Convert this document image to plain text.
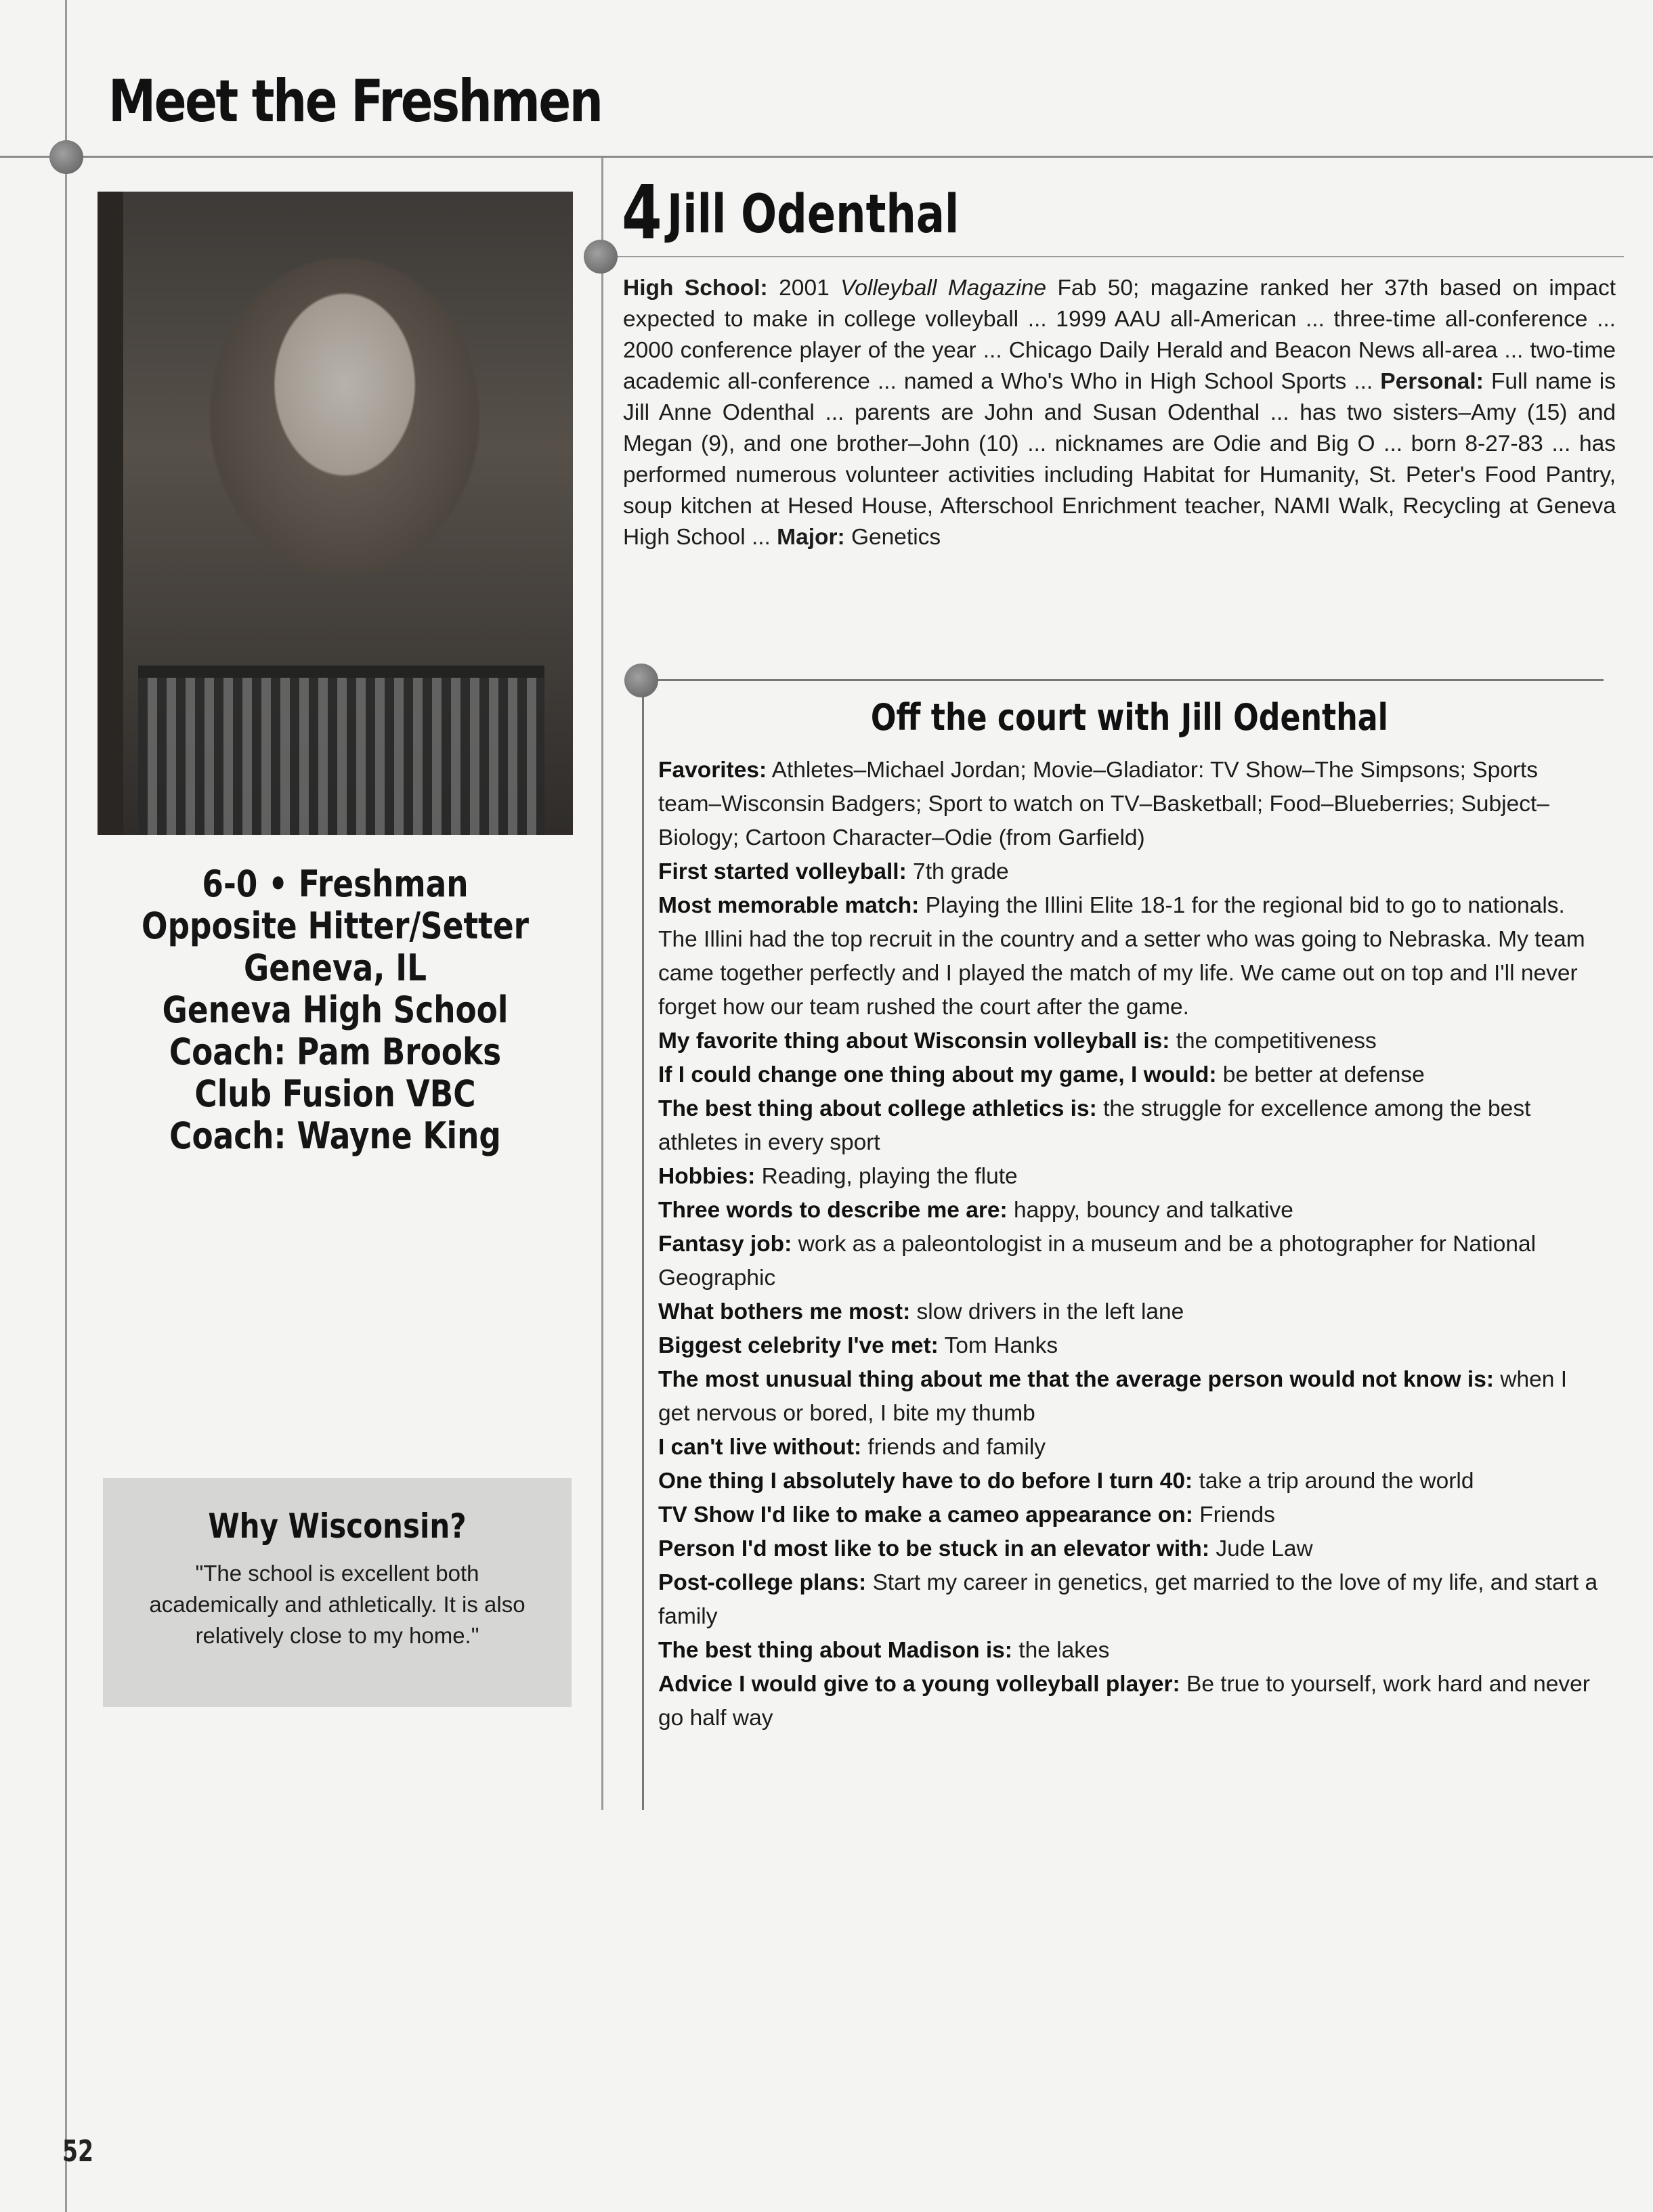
Meet the Freshmen
6-0 • Freshman
Opposite Hitter/Setter
Geneva, IL
Geneva High School
Coach: Pam Brooks
Club Fusion VBC
Coach: Wayne King
Why Wisconsin?

"The school is excellent both academically and athletically. It is also relatively close to my home."

52
4 Jill Odenthal

High School: 2001 Volleyball Magazine Fab 50; magazine ranked her 37th based on impact expected to make in college volleyball ... 1999 AAU all-American ... three-time all-conference ... 2000 conference player of the year ... Chicago Daily Herald and Beacon News all-area ... two-time academic all-conference ... named a Who's Who in High School Sports ... Personal: Full name is Jill Anne Odenthal ... parents are John and Susan Odenthal ... has two sisters–Amy (15) and Megan (9), and one brother–John (10) ... nicknames are Odie and Big O ... born 8-27-83 ... has performed numerous volunteer activities including Habitat for Humanity, St. Peter's Food Pantry, soup kitchen at Hesed House, Afterschool Enrichment teacher, NAMI Walk, Recycling at Geneva High School ... Major: Genetics

Off the court with Jill Odenthal
Favorites: Athletes–Michael Jordan; Movie–Gladiator: TV Show–The Simpsons; Sports team–Wisconsin Badgers; Sport to watch on TV–Basketball; Food–Blueberries; Subject–Biology; Cartoon Character–Odie (from Garfield)
First started volleyball: 7th grade
Most memorable match: Playing the Illini Elite 18-1 for the regional bid to go to nationals. The Illini had the top recruit in the country and a setter who was going to Nebraska. My team came together perfectly and I played the match of my life. We came out on top and I'll never forget how our team rushed the court after the game.
My favorite thing about Wisconsin volleyball is: the competitiveness
If I could change one thing about my game, I would: be better at defense
The best thing about college athletics is: the struggle for excellence among the best athletes in every sport
Hobbies: Reading, playing the flute
Three words to describe me are: happy, bouncy and talkative
Fantasy job: work as a paleontologist in a museum and be a photographer for National Geographic
What bothers me most: slow drivers in the left lane
Biggest celebrity I've met: Tom Hanks
The most unusual thing about me that the average person would not know is: when I get nervous or bored, I bite my thumb
I can't live without: friends and family
One thing I absolutely have to do before I turn 40: take a trip around the world
TV Show I'd like to make a cameo appearance on: Friends
Person I'd most like to be stuck in an elevator with: Jude Law
Post-college plans: Start my career in genetics, get married to the love of my life, and start a family
The best thing about Madison is: the lakes
Advice I would give to a young volleyball player: Be true to yourself, work hard and never go half way
